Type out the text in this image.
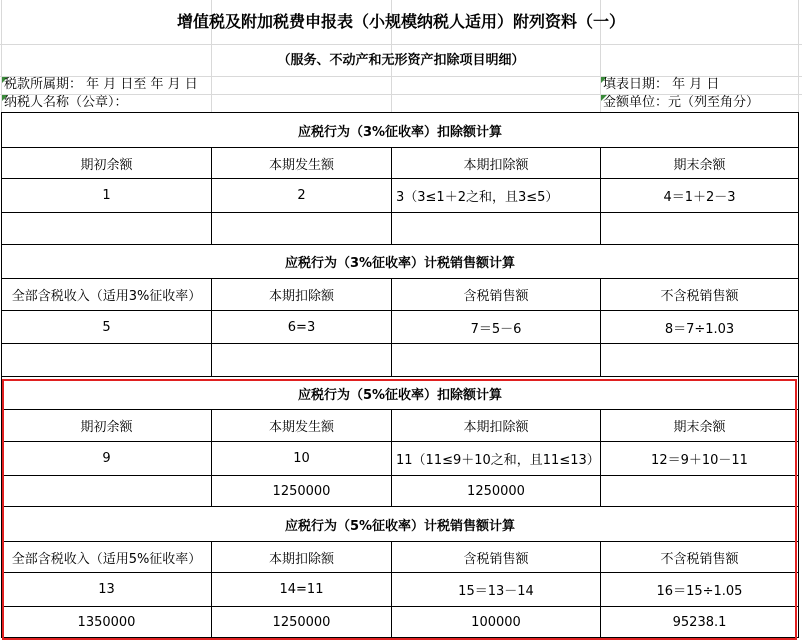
增值税及附加税费申报表（小规模纳税人适用）附列资料（一）
（服务、不动产和无形资产扣除项目明细）
税款所属期： 年 月 日至 年 月 日	填表日期： 年 月 日
纳税人名称（公章）：	金额单位：元（列至角分）
应税行为（3%征收率）扣除额计算			
期初余额	本期发生额	本期扣除额	期末余额
1	2	3（3≤1＋2之和，且3≤5）	4＝1＋2－3

应税行为（3%征收率）计税销售额计算			
全部含税收入（适用3%征收率）	本期扣除额	含税销售额	不含税销售额
5	6=3	7＝5－6	8＝7÷1.03

应税行为（5%征收率）扣除额计算			
期初余额	本期发生额	本期扣除额	期末余额
9	10	11（11≤9＋10之和，且11≤13）	12＝9＋10－11
	1250000	1250000	
应税行为（5%征收率）计税销售额计算			
全部含税收入（适用5%征收率）	本期扣除额	含税销售额	不含税销售额
13	14=11	15＝13－14	16＝15÷1.05
1350000	1250000	100000	95238.1
